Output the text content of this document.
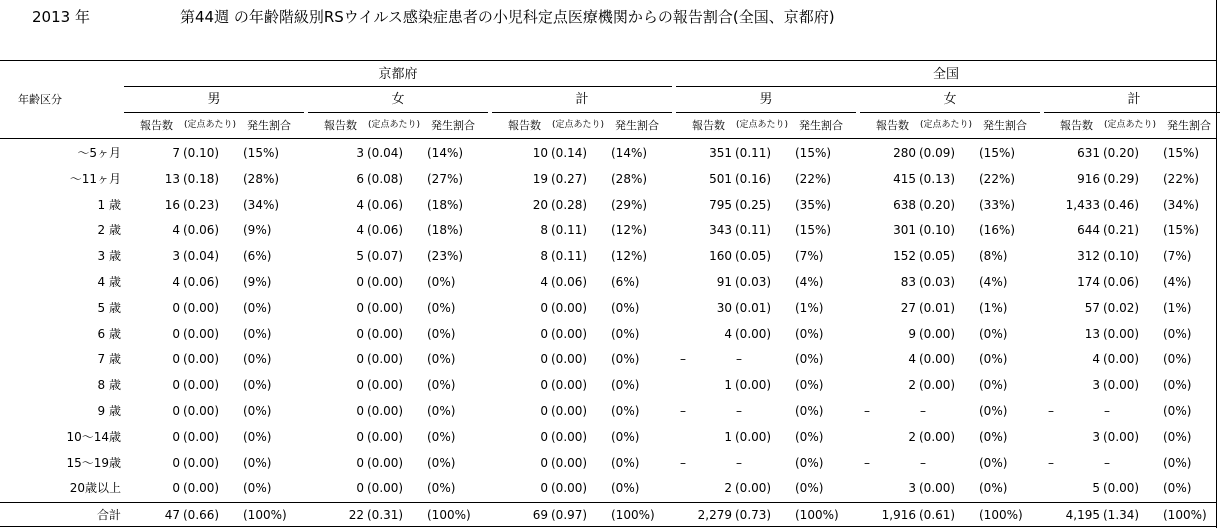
2013 年	第44週 の年齢階級別RSウイルス感染症患者の小児科定点医療機関からの報告割合(全国、京都府)
年齢区分
京都府
男	女	計
全国
男	女	計
報告数 (定点あたり) 発生割合	報告数 (定点あたり) 発生割合	報告数 (定点あたり) 発生割合	報告数 (定点あたり) 発生割合	報告数 (定点あたり) 発生割合	報告数 (定点あたり) 発生割合
〜5ヶ月	7 (0.10) (15%)	3 (0.04) (14%)	10 (0.14) (14%)	351 (0.11) (15%)	280 (0.09) (15%)	631 (0.20) (15%)
〜11ヶ月	13 (0.18) (28%)	6 (0.08) (27%)	19 (0.27) (28%)	501 (0.16) (22%)	415 (0.13) (22%)	916 (0.29) (22%)
1 歳	16 (0.23) (34%)	4 (0.06) (18%)	20 (0.28) (29%)	795 (0.25) (35%)	638 (0.20) (33%)	1,433 (0.46) (34%)
2 歳	4 (0.06) (9%)	4 (0.06) (18%)	8 (0.11) (12%)	343 (0.11) (15%)	301 (0.10) (16%)	644 (0.21) (15%)
3 歳	3 (0.04) (6%)	5 (0.07) (23%)	8 (0.11) (12%)	160 (0.05) (7%)	152 (0.05) (8%)	312 (0.10) (7%)
4 歳	4 (0.06) (9%)	0 (0.00) (0%)	4 (0.06) (6%)	91 (0.03) (4%)	83 (0.03) (4%)	174 (0.06) (4%)
5 歳	0 (0.00) (0%)	0 (0.00) (0%)	0 (0.00) (0%)	30 (0.01) (1%)	27 (0.01) (1%)	57 (0.02) (1%)
6 歳	0 (0.00) (0%)	0 (0.00) (0%)	0 (0.00) (0%)	4 (0.00) (0%)	9 (0.00) (0%)	13 (0.00) (0%)
7 歳	0 (0.00) (0%)	0 (0.00) (0%)	0 (0.00) (0%)	–	–	(0%)	4 (0.00) (0%)	4 (0.00) (0%)
8 歳	0 (0.00) (0%)	0 (0.00) (0%)	0 (0.00) (0%)	1 (0.00) (0%)	2 (0.00) (0%)	3 (0.00) (0%)
9 歳	0 (0.00) (0%)	0 (0.00) (0%)	0 (0.00) (0%)	–	–	(0%)	–	–	(0%)	–	–	(0%)
10〜14歳	0 (0.00) (0%)	0 (0.00) (0%)	0 (0.00) (0%)	1 (0.00) (0%)	2 (0.00) (0%)	3 (0.00) (0%)
15〜19歳	0 (0.00) (0%)	0 (0.00) (0%)	0 (0.00) (0%)	–	–	(0%)	–	–	(0%)	–	–	(0%)
20歳以上	0 (0.00) (0%)	0 (0.00) (0%)	0 (0.00) (0%)	2 (0.00) (0%)	3 (0.00) (0%)	5 (0.00) (0%)
合計	47 (0.66) (100%)	22 (0.31) (100%)	69 (0.97) (100%)	2,279 (0.73) (100%)	1,916 (0.61) (100%)	4,195 (1.34) (100%)
